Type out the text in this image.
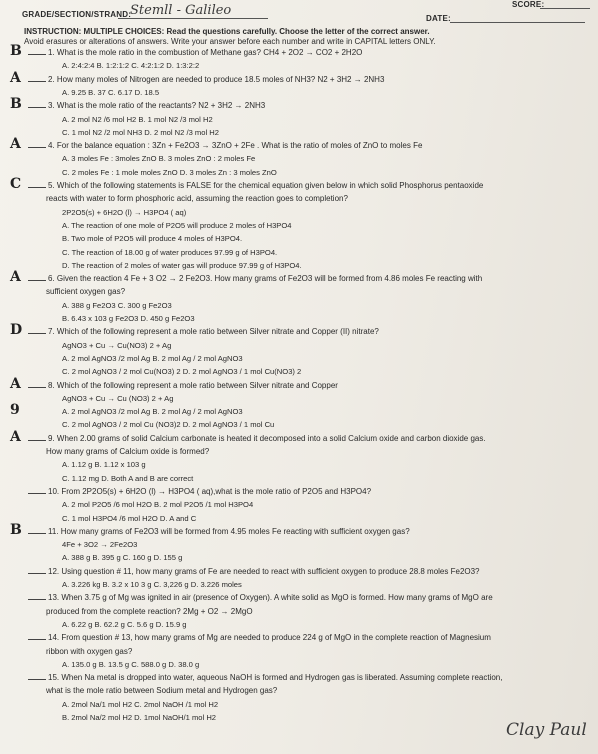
SCORE:
GRADE/SECTION/STRAND:
Stemll - Galileo
DATE:
INSTRUCTION: MULTIPLE CHOICES: Read the questions carefully. Choose the letter of the correct answer.
Avoid erasures or alterations of answers. Write your answer before each number and write in CAPITAL letters ONLY.
B	1. What is the mole ratio in the combustion of Methane gas? CH4 + 2O2 → CO2 + 2H2O
A. 2:4:2:4 B. 1:2:1:2 C. 4:2:1:2 D. 1:3:2:2
A	2. How many moles of Nitrogen are needed to produce 18.5 moles of NH3? N2 + 3H2 → 2NH3
A. 9.25 B. 37 C. 6.17 D. 18.5
B	3. What is the mole ratio of the reactants? N2 + 3H2 → 2NH3
A. 2 mol N2 /6 mol H2 B. 1 mol N2 /3 mol H2
C. 1 mol N2 /2 mol NH3 D. 2 mol N2 /3 mol H2
A	4. For the balance equation : 3Zn + Fe2O3 → 3ZnO + 2Fe . What is the ratio of moles of ZnO to moles Fe
A. 3 moles Fe : 3moles ZnO B. 3 moles ZnO : 2 moles Fe
C. 2 moles Fe : 1 mole moles ZnO D. 3 moles Zn : 3 moles ZnO
C	5. Which of the following statements is FALSE for the chemical equation given below in which solid Phosphorus pentaoxide
reacts with water to form phosphoric acid, assuming the reaction goes to completion?
2P2O5(s) + 6H2O (l) → H3PO4 ( aq)
A. The reaction of one mole of P2O5 will produce 2 moles of H3PO4
B. Two mole of P2O5 will produce 4 moles of H3PO4.
C. The reaction of 18.00 g of water produces 97.99 g of H3PO4.
D. The reaction of 2 moles of water gas will produce 97.99 g of H3PO4.
A	6. Given the reaction 4 Fe + 3 O2 → 2 Fe2O3. How many grams of Fe2O3 will be formed from 4.86 moles Fe reacting with
sufficient oxygen gas?
A. 388 g Fe2O3 C. 300 g Fe2O3
B. 6.43 x 103 g Fe2O3 D. 450 g Fe2O3
D	7. Which of the following represent a mole ratio between Silver nitrate and Copper (II) nitrate?
AgNO3 + Cu → Cu(NO3) 2 + Ag
A. 2 mol AgNO3 /2 mol Ag B. 2 mol Ag / 2 mol AgNO3
C. 2 mol AgNO3 / 2 mol Cu(NO3) 2 D. 2 mol AgNO3 / 1 mol Cu(NO3) 2
A	8. Which of the following represent a mole ratio between Silver nitrate and Copper
AgNO3 + Cu → Cu (NO3) 2 + Ag
9	A. 2 mol AgNO3 /2 mol Ag B. 2 mol Ag / 2 mol AgNO3
C. 2 mol AgNO3 / 2 mol Cu (NO3)2 D. 2 mol AgNO3 / 1 mol Cu
A	9. When 2.00 grams of solid Calcium carbonate is heated it decomposed into a solid Calcium oxide and carbon dioxide gas.
How many grams of Calcium oxide is formed?
A. 1.12 g B. 1.12 x 103 g
C. 1.12 mg D. Both A and B are correct
10. From 2P2O5(s) + 6H2O (l) → H3PO4 ( aq),what is the mole ratio of P2O5 and H3PO4?
A. 2 mol P2O5 /6 mol H2O B. 2 mol P2O5 /1 mol H3PO4
C. 1 mol H3PO4 /6 mol H2O D. A and C
B	11. How many grams of Fe2O3 will be formed from 4.95 moles Fe reacting with sufficient oxygen gas?
4Fe + 3O2 → 2Fe2O3
A. 388 g B. 395 g C. 160 g D. 155 g
12. Using question # 11, how many grams of Fe are needed to react with sufficient oxygen to produce 28.8 moles Fe2O3?
A. 3.226 kg B. 3.2 x 10 3 g C. 3,226 g D. 3.226 moles
13. When 3.75 g of Mg was ignited in air (presence of Oxygen). A white solid as MgO is formed. How many grams of MgO are
produced from the complete reaction? 2Mg + O2 → 2MgO
A. 6.22 g B. 62.2 g C. 5.6 g D. 15.9 g
14. From question # 13, how many grams of Mg are needed to produce 224 g of MgO in the complete reaction of Magnesium
ribbon with oxygen gas?
A. 135.0 g B. 13.5 g C. 588.0 g D. 38.0 g
15. When Na metal is dropped into water, aqueous NaOH is formed and Hydrogen gas is liberated. Assuming complete reaction,
what is the mole ratio between Sodium metal and Hydrogen gas?
A. 2mol Na/1 mol H2 C. 2mol NaOH /1 mol H2
B. 2mol Na/2 mol H2 D. 1mol NaOH/1 mol H2
Clay Paul
